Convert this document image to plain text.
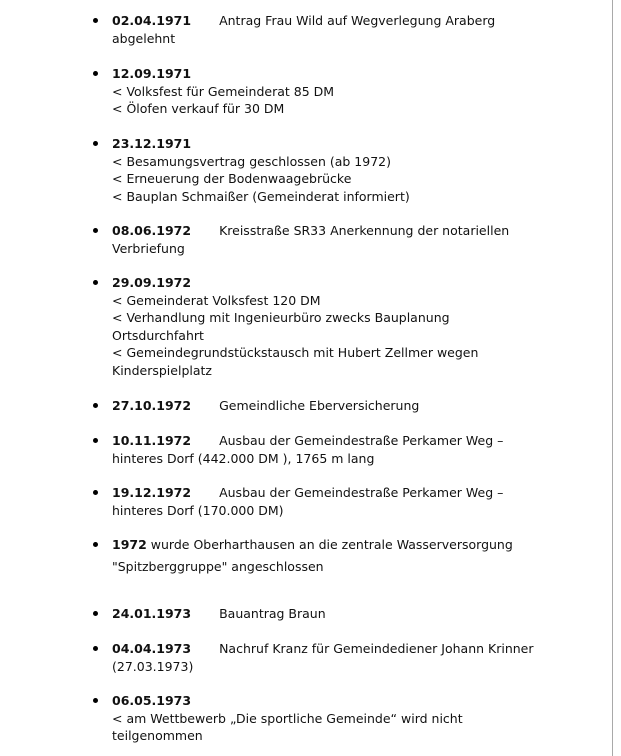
02.04.1971 Antrag Frau Wild auf Wegverlegung Araberg
abgelehnt
12.09.1971
< Volksfest für Gemeinderat 85 DM
< Ölofen verkauf für 30 DM
23.12.1971
< Besamungsvertrag geschlossen (ab 1972)
< Erneuerung der Bodenwaagebrücke
< Bauplan Schmaißer (Gemeinderat informiert)
08.06.1972 Kreisstraße SR33 Anerkennung der notariellen
Verbriefung
29.09.1972
< Gemeinderat Volksfest 120 DM
< Verhandlung mit Ingenieurbüro zwecks Bauplanung
Ortsdurchfahrt
< Gemeindegrundstückstausch mit Hubert Zellmer wegen
Kinderspielplatz
27.10.1972 Gemeindliche Eberversicherung
10.11.1972 Ausbau der Gemeindestraße Perkamer Weg –
hinteres Dorf (442.000 DM ), 1765 m lang
19.12.1972 Ausbau der Gemeindestraße Perkamer Weg –
hinteres Dorf (170.000 DM)
1972 wurde Oberharthausen an die zentrale Wasserversorgung
"Spitzberggruppe" angeschlossen
24.01.1973 Bauantrag Braun
04.04.1973 Nachruf Kranz für Gemeindediener Johann Krinner
(27.03.1973)
06.05.1973
< am Wettbewerb „Die sportliche Gemeinde“ wird nicht
teilgenommen
